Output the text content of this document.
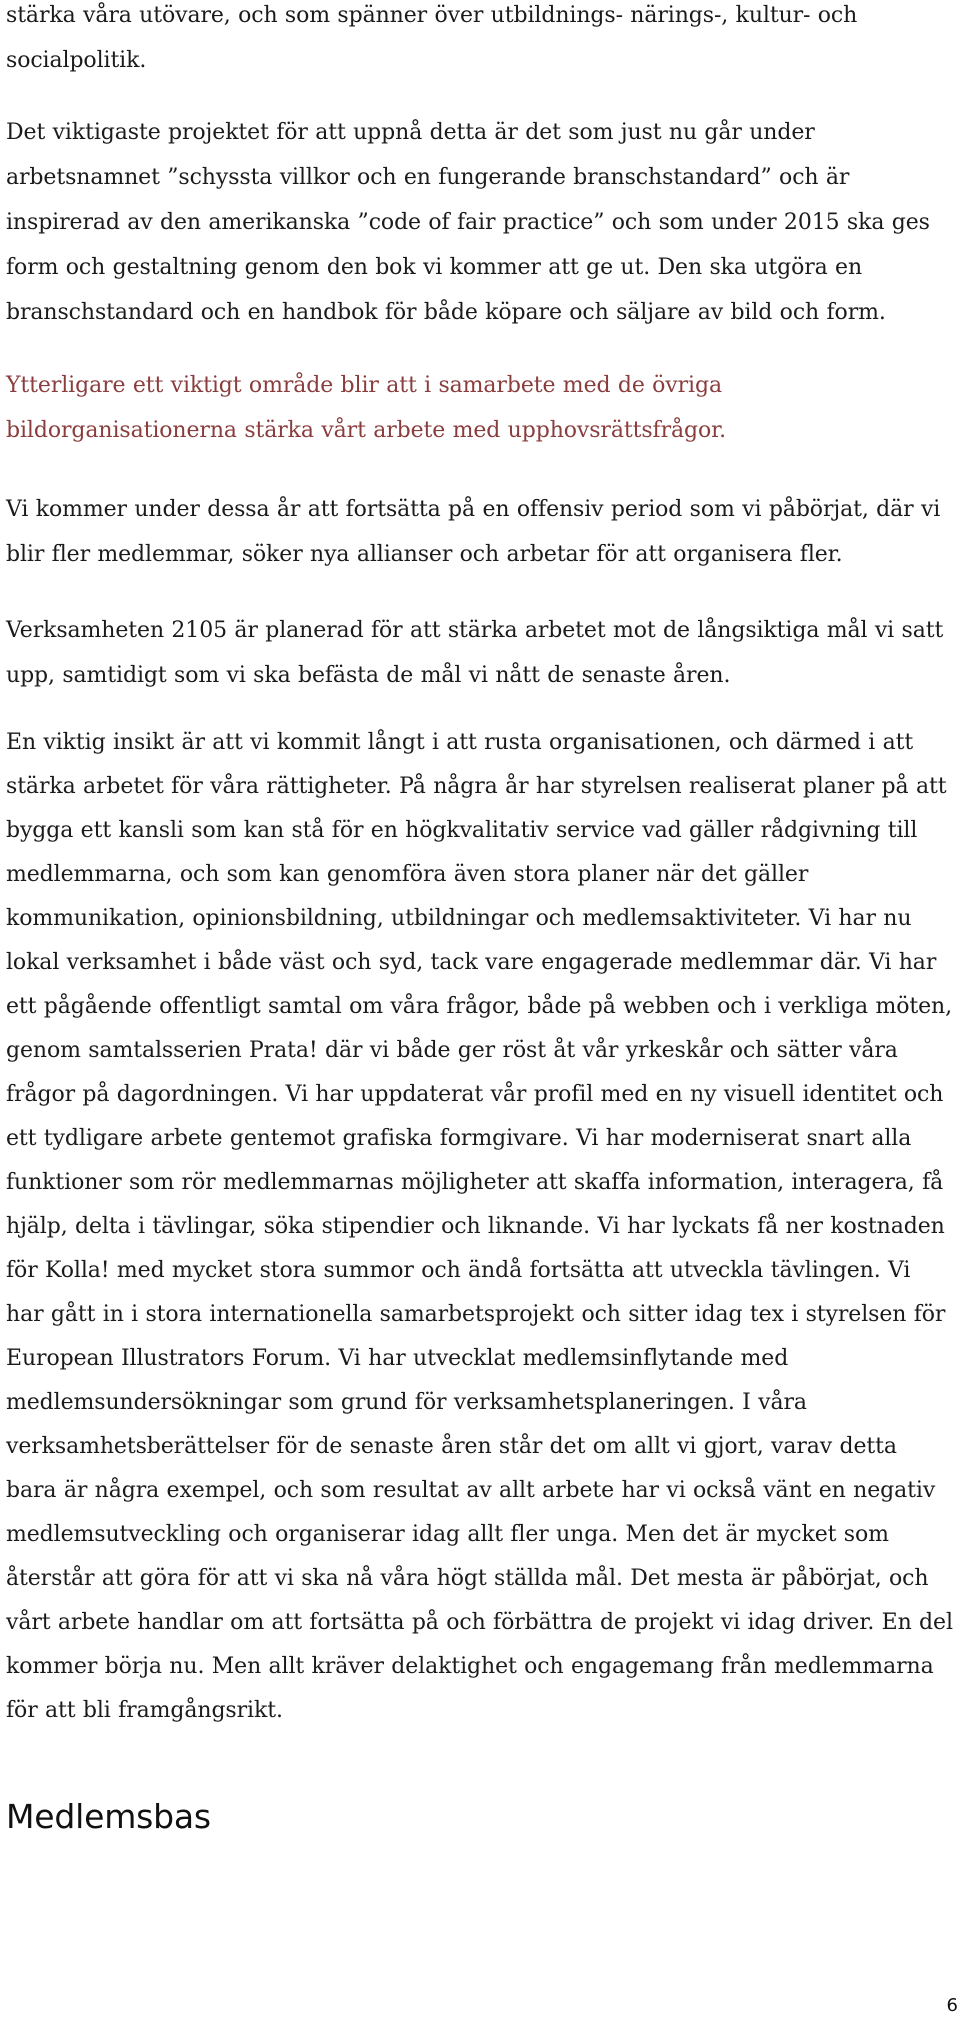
stärka våra utövare, och som spänner över utbildnings- närings-, kultur- och socialpolitik.

Det viktigaste projektet för att uppnå detta är det som just nu går under arbetsnamnet ”schyssta villkor och en fungerande branschstandard” och är inspirerad av den amerikanska ”code of fair practice” och som under 2015 ska ges form och gestaltning genom den bok vi kommer att ge ut. Den ska utgöra en branschstandard och en handbok för både köpare och säljare av bild och form.

Ytterligare ett viktigt område blir att i samarbete med de övriga bildorganisationerna stärka vårt arbete med upphovsrättsfrågor.

Vi kommer under dessa år att fortsätta på en offensiv period som vi påbörjat, där vi blir fler medlemmar, söker nya allianser och arbetar för att organisera fler.

Verksamheten 2105 är planerad för att stärka arbetet mot de långsiktiga mål vi satt upp, samtidigt som vi ska befästa de mål vi nått de senaste åren.

En viktig insikt är att vi kommit långt i att rusta organisationen, och därmed i att stärka arbetet för våra rättigheter. På några år har styrelsen realiserat planer på att bygga ett kansli som kan stå för en högkvalitativ service vad gäller rådgivning till medlemmarna, och som kan genomföra även stora planer när det gäller kommunikation, opinionsbildning, utbildningar och medlemsaktiviteter. Vi har nu lokal verksamhet i både väst och syd, tack vare engagerade medlemmar där. Vi har ett pågående offentligt samtal om våra frågor, både på webben och i verkliga möten, genom samtalsserien Prata! där vi både ger röst åt vår yrkeskår och sätter våra frågor på dagordningen. Vi har uppdaterat vår profil med en ny visuell identitet och ett tydligare arbete gentemot grafiska formgivare. Vi har moderniserat snart alla funktioner som rör medlemmarnas möjligheter att skaffa information, interagera, få hjälp, delta i tävlingar, söka stipendier och liknande. Vi har lyckats få ner kostnaden för Kolla! med mycket stora summor och ändå fortsätta att utveckla tävlingen. Vi har gått in i stora internationella samarbetsprojekt och sitter idag tex i styrelsen för European Illustrators Forum. Vi har utvecklat medlemsinflytande med medlemsundersökningar som grund för verksamhetsplaneringen. I våra verksamhetsberättelser för de senaste åren står det om allt vi gjort, varav detta bara är några exempel, och som resultat av allt arbete har vi också vänt en negativ medlemsutveckling och organiserar idag allt fler unga. Men det är mycket som återstår att göra för att vi ska nå våra högt ställda mål. Det mesta är påbörjat, och vårt arbete handlar om att fortsätta på och förbättra de projekt vi idag driver. En del kommer börja nu. Men allt kräver delaktighet och engagemang från medlemmarna för att bli framgångsrikt.

Medlemsbas
6
